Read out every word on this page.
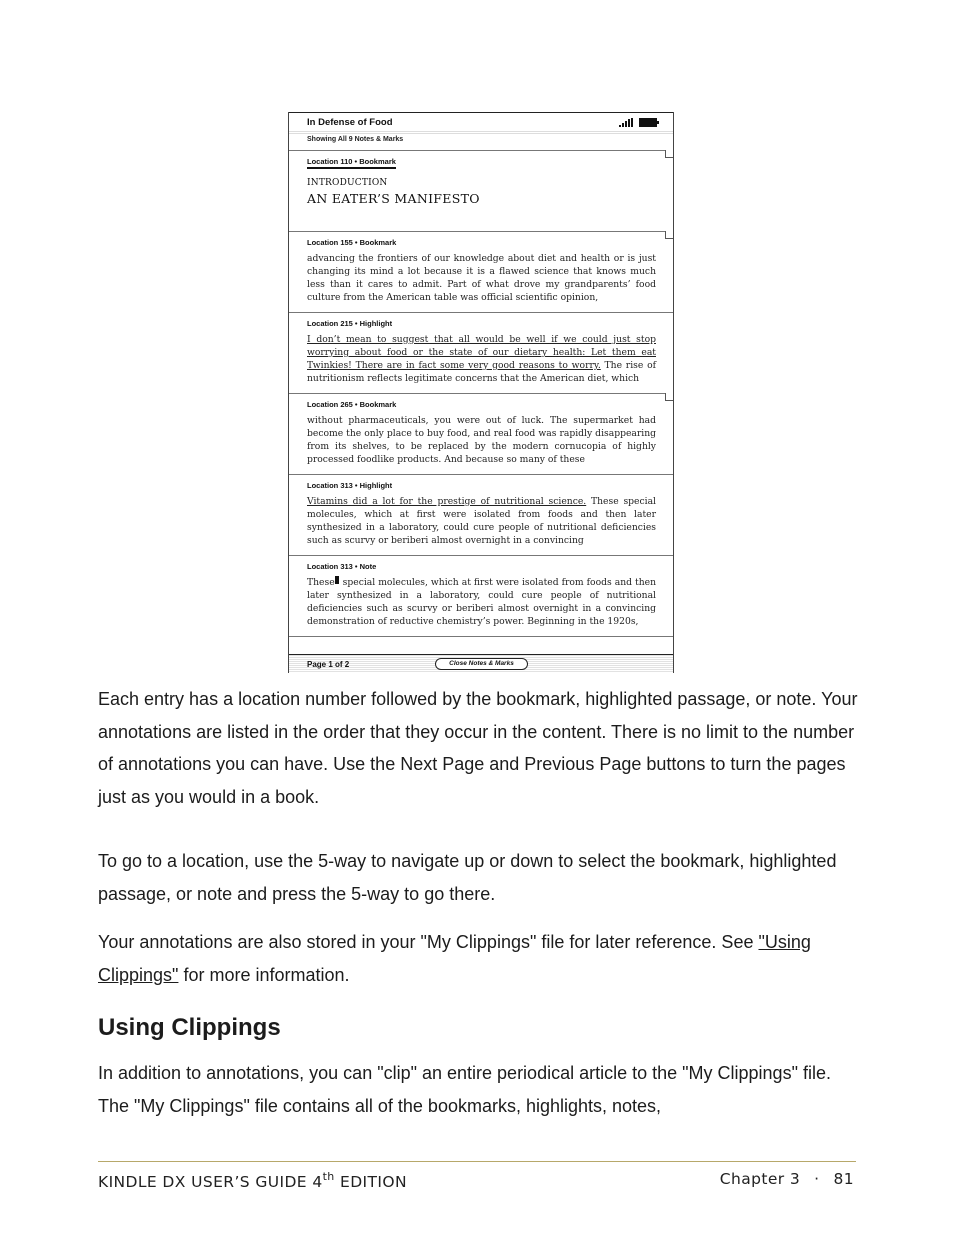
In Defense of Food
Showing All 9 Notes & Marks
Location 110 • Bookmark
INTRODUCTION
AN EATER’S MANIFESTO
Location 155 • Bookmark
advancing the frontiers of our knowledge about diet and health or is just changing its mind a lot because it is a flawed science that knows much less than it cares to admit. Part of what drove my grandparents’ food culture from the American table was official scientific opinion,
Location 215 • Highlight
I don’t mean to suggest that all would be well if we could just stop worrying about food or the state of our dietary health: Let them eat Twinkies! There are in fact some very good reasons to worry. The rise of nutritionism reflects legitimate concerns that the American diet, which
Location 265 • Bookmark
without pharmaceuticals, you were out of luck. The supermarket had become the only place to buy food, and real food was rapidly disappearing from its shelves, to be replaced by the modern cornucopia of highly processed foodlike products. And because so many of these
Location 313 • Highlight
Vitamins did a lot for the prestige of nutritional science. These special molecules, which at first were isolated from foods and then later synthesized in a laboratory, could cure people of nutritional deficiencies such as scurvy or beriberi almost overnight in a convincing
Location 313 • Note
These special molecules, which at first were isolated from foods and then later synthesized in a laboratory, could cure people of nutritional deficiencies such as scurvy or beriberi almost overnight in a convincing demonstration of reductive chemistry’s power. Beginning in the 1920s,
Page 1 of 2	Close Notes & Marks

Each entry has a location number followed by the bookmark, highlighted passage, or note. Your annotations are listed in the order that they occur in the content. There is no limit to the number of annotations you can have. Use the Next Page and Previous Page buttons to turn the pages just as you would in a book.

To go to a location, use the 5-way to navigate up or down to select the bookmark, highlighted passage, or note and press the 5-way to go there.

Your annotations are also stored in your "My Clippings" file for later reference. See "Using Clippings" for more information.

Using Clippings

In addition to annotations, you can "clip" an entire periodical article to the "My Clippings" file. The "My Clippings" file contains all of the bookmarks, highlights, notes,

KINDLE DX USER’S GUIDE 4th EDITION	Chapter 3 · 81
